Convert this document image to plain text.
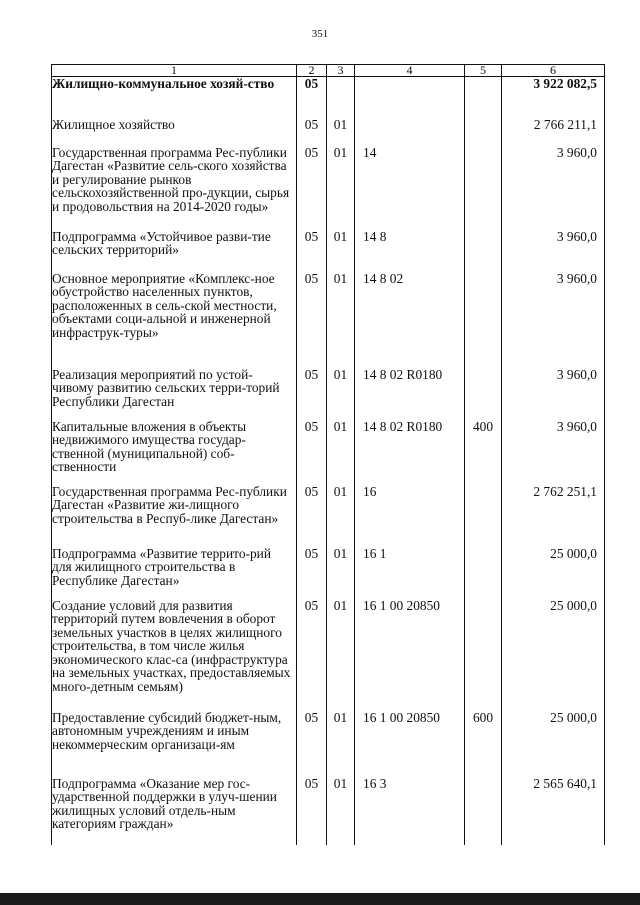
351
1	2	3	4	5	6
Жилищно-коммунальное хозяй-ство	05				3 922 082,5
Жилищное хозяйство	05	01			2 766 211,1
Государственная программа Рес-публики Дагестан «Развитие сель-ского хозяйства и регулирование рынков сельскохозяйственной про-дукции, сырья и продовольствия на 2014-2020 годы»	05	01	14		3 960,0
Подпрограмма «Устойчивое разви-тие сельских территорий»	05	01	14 8		3 960,0
Основное мероприятие «Комплекс-ное обустройство населенных пунктов, расположенных в сель-ской местности, объектами соци-альной и инженерной инфраструк-туры»	05	01	14 8 02		3 960,0
Реализация мероприятий по устой-чивому развитию сельских терри-торий Республики Дагестан	05	01	14 8 02 R0180		3 960,0
Капитальные вложения в объекты недвижимого имущества государ-ственной (муниципальной) соб-ственности	05	01	14 8 02 R0180	400	3 960,0
Государственная программа Рес-публики Дагестан «Развитие жи-лищного строительства в Респуб-лике Дагестан»	05	01	16		2 762 251,1
Подпрограмма «Развитие террито-рий для жилищного строительства в Республике Дагестан»	05	01	16 1		25 000,0
Создание условий для развития территорий путем вовлечения в оборот земельных участков в целях жилищного строительства, в том числе жилья экономического клас-са (инфраструктура на земельных участках, предоставляемых много-детным семьям)	05	01	16 1 00 20850		25 000,0
Предоставление субсидий бюджет-ным, автономным учреждениям и иным некоммерческим организаци-ям	05	01	16 1 00 20850	600	25 000,0
Подпрограмма «Оказание мер гос-ударственной поддержки в улуч-шении жилищных условий отдель-ным категориям граждан»	05	01	16 3		2 565 640,1
